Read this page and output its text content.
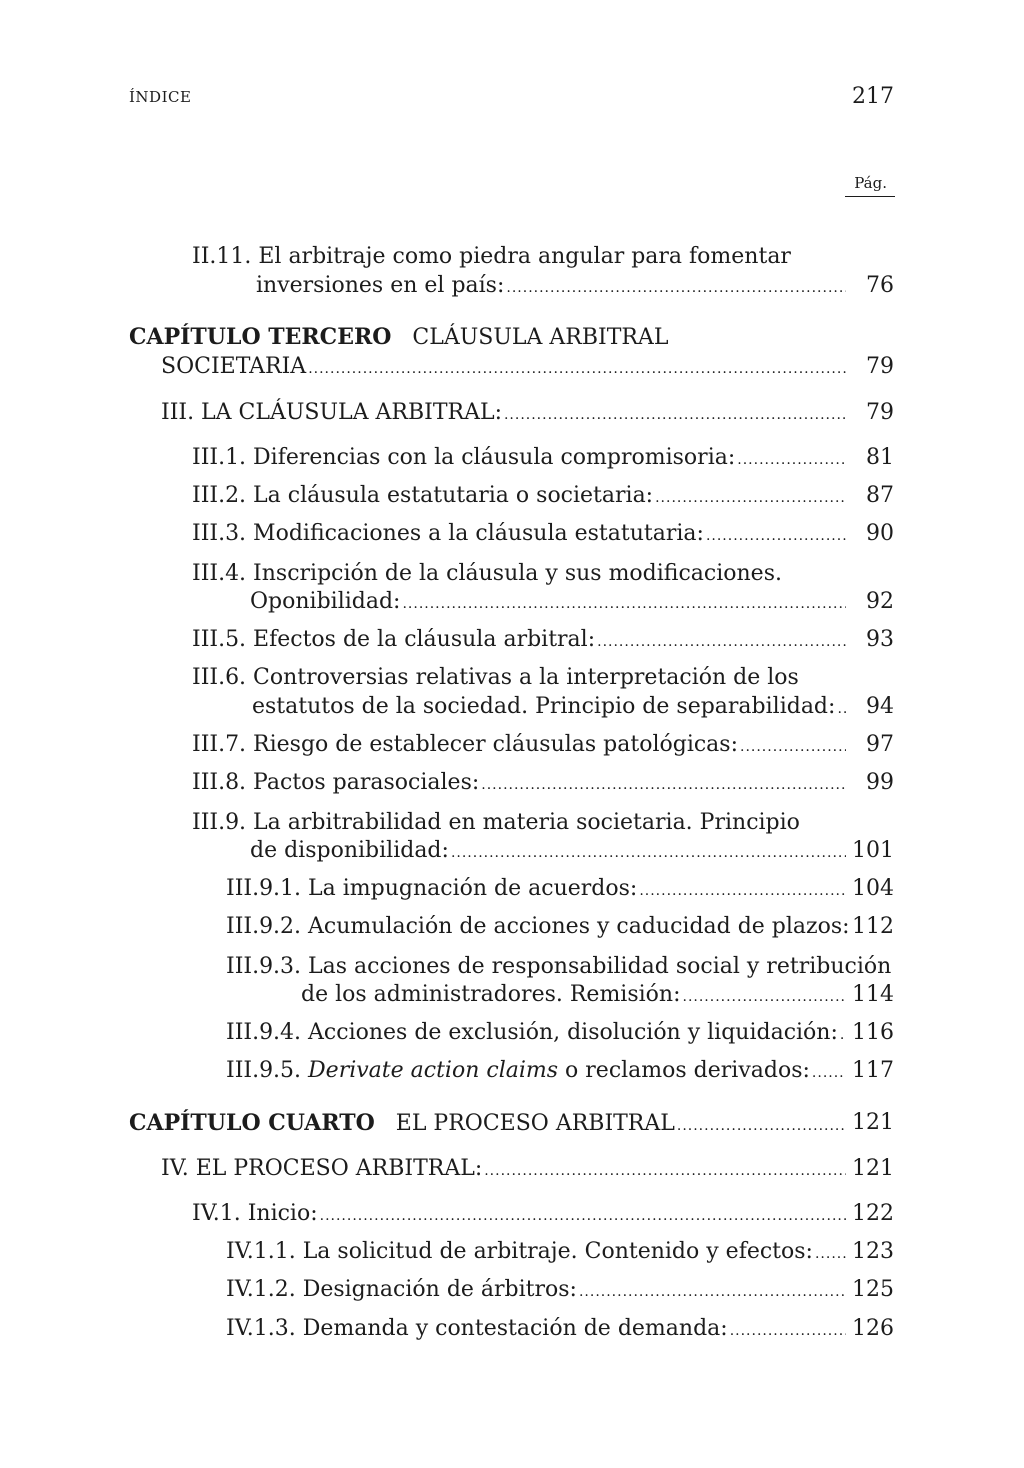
ÍNDICE	217
Pág.
II.11. El arbitraje como piedra angular para fomentar
inversiones en el país: .....	76
CAPÍTULO TERCERO CLÁUSULA ARBITRAL
SOCIETARIA .....	79
III. LA CLÁUSULA ARBITRAL: .....	79
III.1. Diferencias con la cláusula compromisoria: .....	81
III.2. La cláusula estatutaria o societaria: .....	87
III.3. Modificaciones a la cláusula estatutaria: .....	90
III.4. Inscripción de la cláusula y sus modificaciones.
Oponibilidad: .....	92
III.5. Efectos de la cláusula arbitral: .....	93
III.6. Controversias relativas a la interpretación de los
estatutos de la sociedad. Principio de separabilidad: .....	94
III.7. Riesgo de establecer cláusulas patológicas: .....	97
III.8. Pactos parasociales: .....	99
III.9. La arbitrabilidad en materia societaria. Principio
de disponibilidad: .....	101
III.9.1. La impugnación de acuerdos: .....	104
III.9.2. Acumulación de acciones y caducidad de plazos: ..... 112
III.9.3. Las acciones de responsabilidad social y retribución
de los administradores. Remisión: .....	114
III.9.4. Acciones de exclusión, disolución y liquidación: ..... 116
III.9.5. Derivate action claims o reclamos derivados: .....	117
CAPÍTULO CUARTO EL PROCESO ARBITRAL .....	121
IV. EL PROCESO ARBITRAL: .....	121
IV.1. Inicio: .....	122
IV.1.1. La solicitud de arbitraje. Contenido y efectos: .....	123
IV.1.2. Designación de árbitros: .....	125
IV.1.3. Demanda y contestación de demanda: .....	126
